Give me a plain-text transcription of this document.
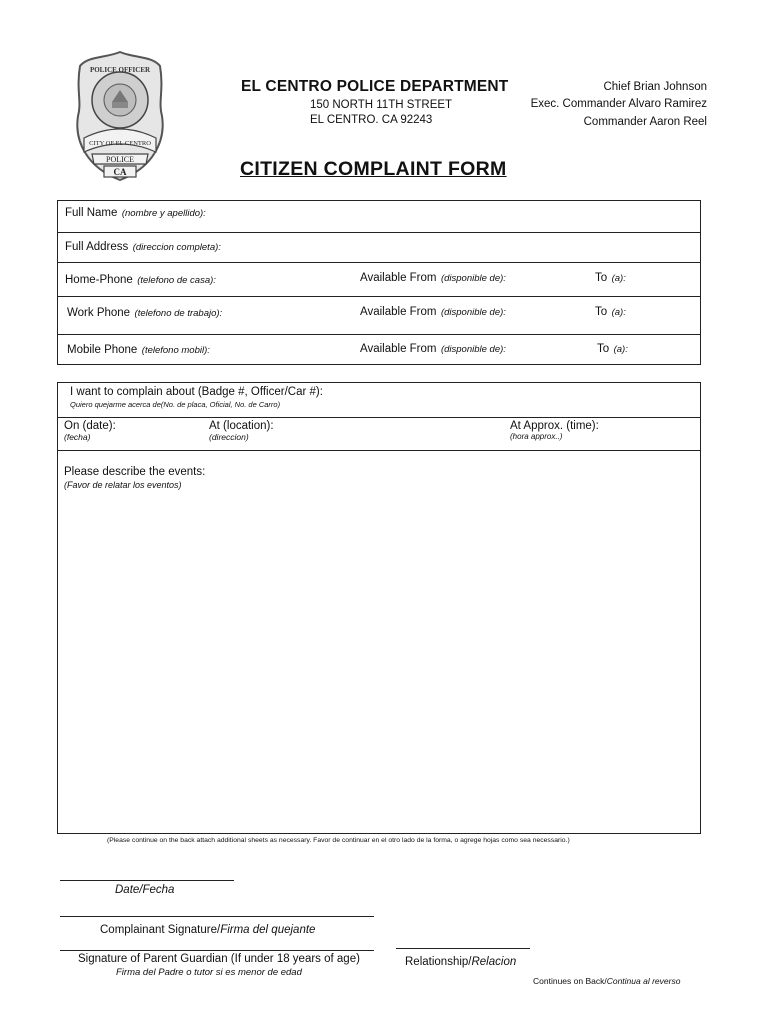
POLICE OFFICER
CITY OF EL CENTRO
POLICE
CA
EL CENTRO POLICE DEPARTMENT
150 NORTH 11TH STREET
EL CENTRO. CA 92243
Chief Brian Johnson
Exec. Commander Alvaro Ramirez
Commander Aaron Reel
CITIZEN COMPLAINT FORM
Full Name (nombre y apellido):
Full Address (direccion completa):
Home-Phone (telefono de casa):	Available From (disponible de):	To (a):
Work Phone (telefono de trabajo):	Available From (disponible de):	To (a):
Mobile Phone (telefono mobil):	Available From (disponible de):	To (a):
I want to complain about (Badge #, Officer/Car #):
Quiero quejarme acerca de(No. de placa, Oficial, No. de Carro)
On (date):
(fecha)
At (location):
(direccion)
At Approx. (time):
(hora approx..)
Please describe the events:
(Favor de relatar los eventos)
(Please continue on the back attach additional sheets as necessary. Favor de continuar en el otro lado de la forma, o agrege hojas como sea necessario.)
Date/Fecha
Complainant Signature/Firma del quejante
Signature of Parent Guardian (If under 18 years of age)
Firma del Padre o tutor si es menor de edad
Relationship/Relacion
Continues on Back/Continua al reverso
